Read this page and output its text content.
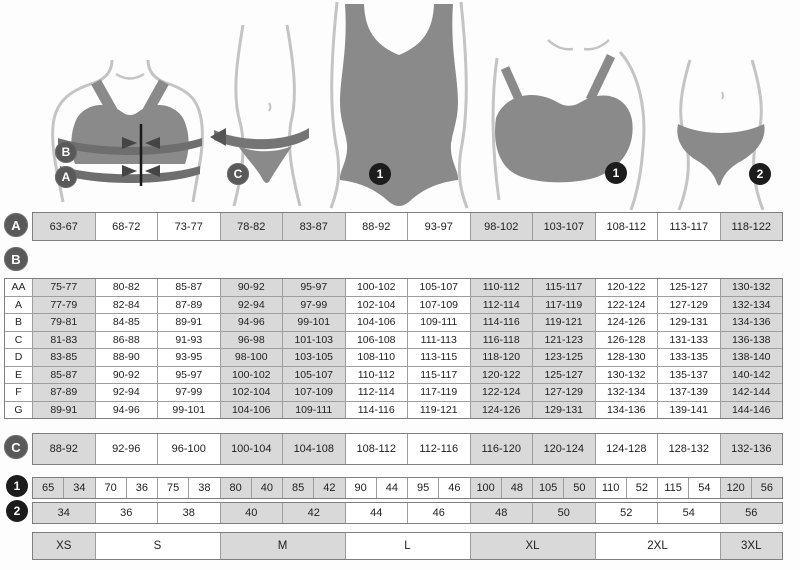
B
A	C	1	1	2
A
B
C
1
2
63-67	68-72	73-77	78-82	83-87	88-92	93-97	98-102	103-107	108-112	113-117	118-122
AA	75-77	80-82	85-87	90-92	95-97	100-102	105-107	110-112	115-117	120-122	125-127	130-132
A	77-79	82-84	87-89	92-94	97-99	102-104	107-109	112-114	117-119	122-124	127-129	132-134
B	79-81	84-85	89-91	94-96	99-101	104-106	109-111	114-116	119-121	124-126	129-131	134-136
C	81-83	86-88	91-93	96-98	101-103	106-108	111-113	116-118	121-123	126-128	131-133	136-138
D	83-85	88-90	93-95	98-100	103-105	108-110	113-115	118-120	123-125	128-130	133-135	138-140
E	85-87	90-92	95-97	100-102	105-107	110-112	115-117	120-122	125-127	130-132	135-137	140-142
F	87-89	92-94	97-99	102-104	107-109	112-114	117-119	122-124	127-129	132-134	137-139	142-144
G	89-91	94-96	99-101	104-106	109-111	114-116	119-121	124-126	129-131	134-136	139-141	144-146
88-92	92-96	96-100	100-104	104-108	108-112	112-116	116-120	120-124	124-128	128-132	132-136
65	34	70	36	75	38	80	40	85	42	90	44	95	46	100	48	105	50	110	52	115	54	120	56
34	36	38	40	42	44	46	48	50	52	54	56
XS	S	M	L	XL	2XL	3XL
